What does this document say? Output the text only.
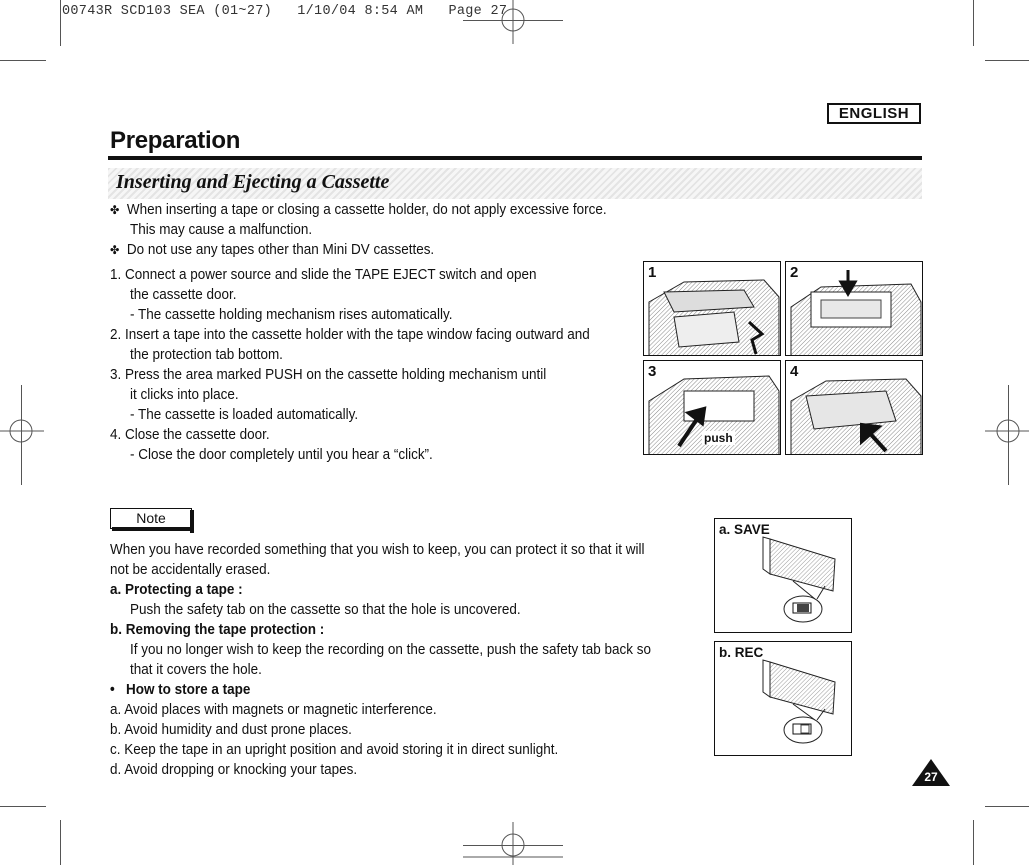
00743R SCD103 SEA (01~27)   1/10/04 8:54 AM   Page 27
ENGLISH
Preparation
Inserting and Ejecting a Cassette
✤ When inserting a tape or closing a cassette holder, do not apply excessive force.
This may cause a malfunction.
✤ Do not use any tapes other than Mini DV cassettes.
1. Connect a power source and slide the TAPE EJECT switch and open
the cassette door.
- The cassette holding mechanism rises automatically.
2. Insert a tape into the cassette holder with the tape window facing outward and
the protection tab bottom.
3. Press the area marked PUSH on the cassette holding mechanism until
it clicks into place.
- The cassette is loaded automatically.
4. Close the cassette door.
- Close the door completely until you hear a “click”.
1	2
3
push
4
Note
When you have recorded something that you wish to keep, you can protect it so that it will
not be accidentally erased.
a. Protecting a tape :
Push the safety tab on the cassette so that the hole is uncovered.
b. Removing the tape protection :
If you no longer wish to keep the recording on the cassette, push the safety tab back so
that it covers the hole.
• How to store a tape
a. Avoid places with magnets or magnetic interference.
b. Avoid humidity and dust prone places.
c. Keep the tape in an upright position and avoid storing it in direct sunlight.
d. Avoid dropping or knocking your tapes.
a. SAVE
b. REC
27
